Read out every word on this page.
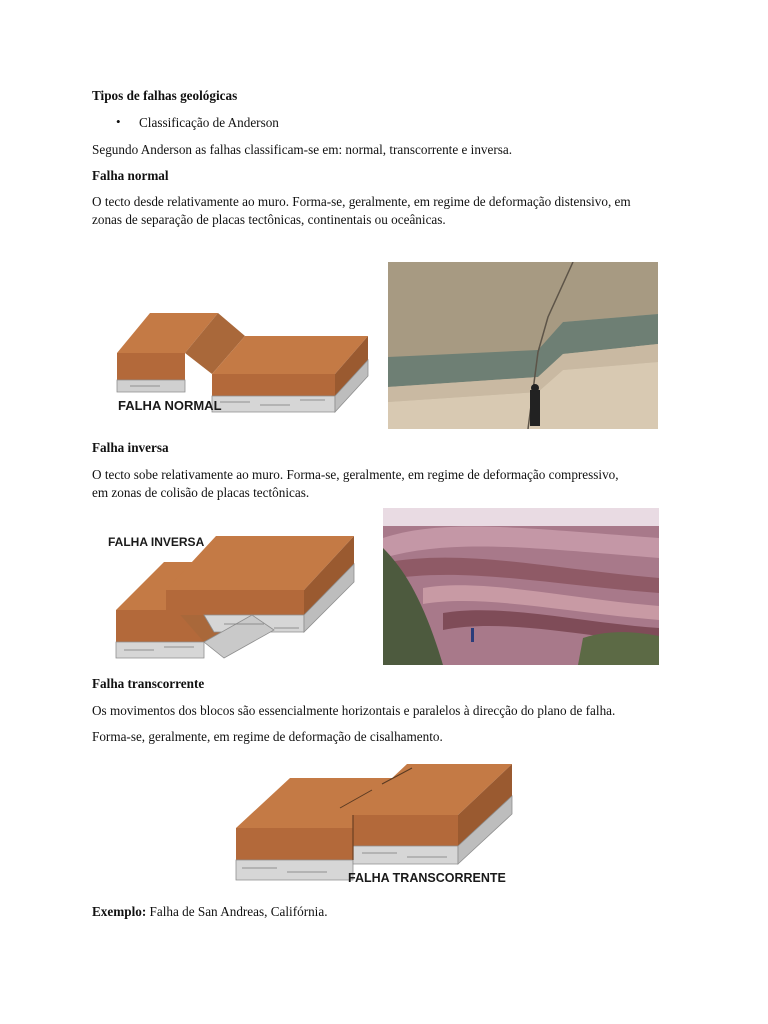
Tipos de falhas geológicas
• Classificação de Anderson
Segundo Anderson as falhas classificam-se em: normal, transcorrente e inversa.
Falha normal
O tecto desde relativamente ao muro. Forma-se, geralmente, em regime de deformação distensivo, em
zonas de separação de placas tectônicas, continentais ou oceânicas.
FALHA NORMAL
Falha inversa
O tecto sobe relativamente ao muro. Forma-se, geralmente, em regime de deformação compressivo,
em zonas de colisão de placas tectônicas.
FALHA INVERSA
Falha transcorrente
Os movimentos dos blocos são essencialmente horizontais e paralelos à direcção do plano de falha.
Forma-se, geralmente, em regime de deformação de cisalhamento.
FALHA TRANSCORRENTE
Exemplo: Falha de San Andreas, Califórnia.
